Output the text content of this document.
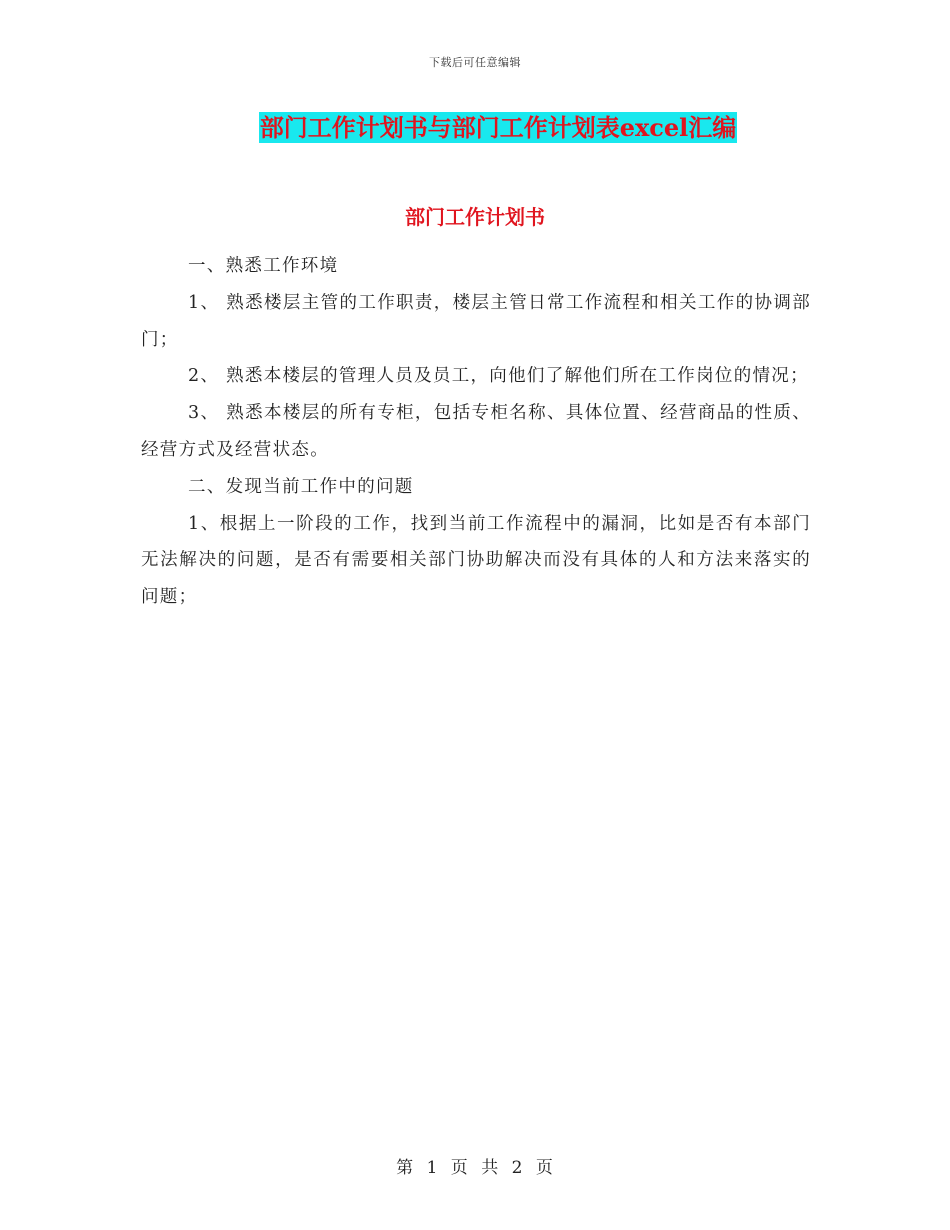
下载后可任意编辑
部门工作计划书与部门工作计划表excel汇编
部门工作计划书

一、熟悉工作环境

1、 熟悉楼层主管的工作职责，楼层主管日常工作流程和相关工作的协调部门；

2、 熟悉本楼层的管理人员及员工，向他们了解他们所在工作岗位的情况；

3、 熟悉本楼层的所有专柜，包括专柜名称、具体位置、经营商品的性质、经营方式及经营状态。

二、发现当前工作中的问题

1、根据上一阶段的工作，找到当前工作流程中的漏洞，比如是否有本部门无法解决的问题，是否有需要相关部门协助解决而没有具体的人和方法来落实的问题；

第 1 页 共 2 页
